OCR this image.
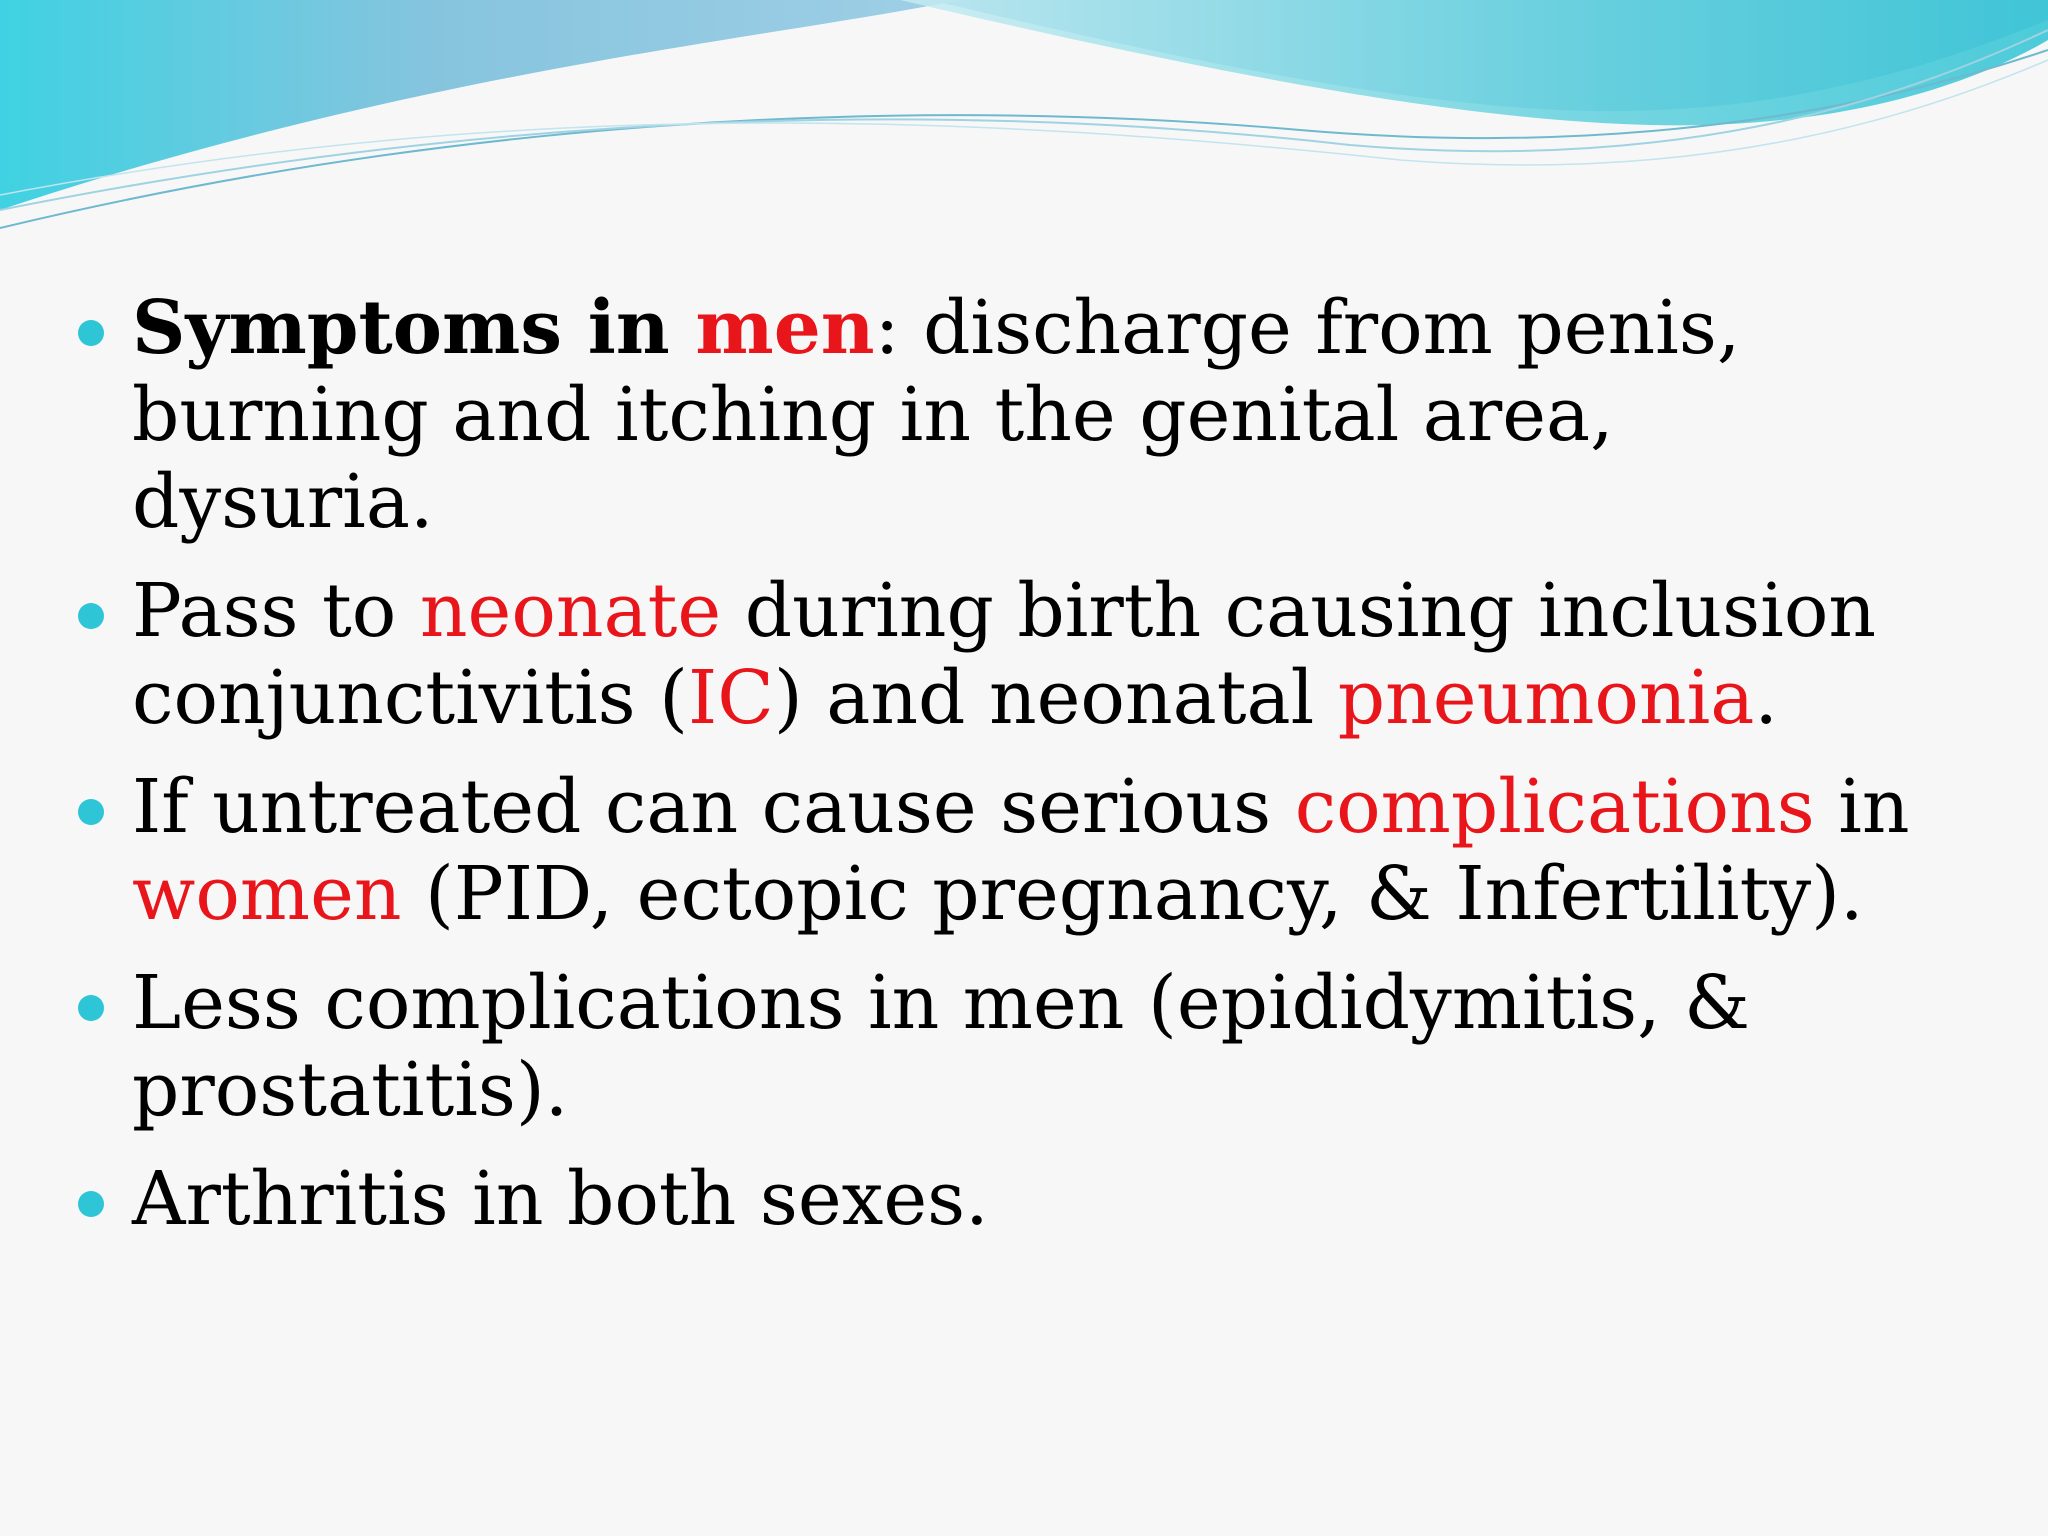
Symptoms in men: discharge from penis,
burning and itching in the genital area,
dysuria.
Pass to neonate during birth causing inclusion
conjunctivitis (IC) and neonatal pneumonia.
If untreated can cause serious complications in
women (PID, ectopic pregnancy, & Infertility).
Less complications in men (epididymitis, &
prostatitis).
Arthritis in both sexes.
